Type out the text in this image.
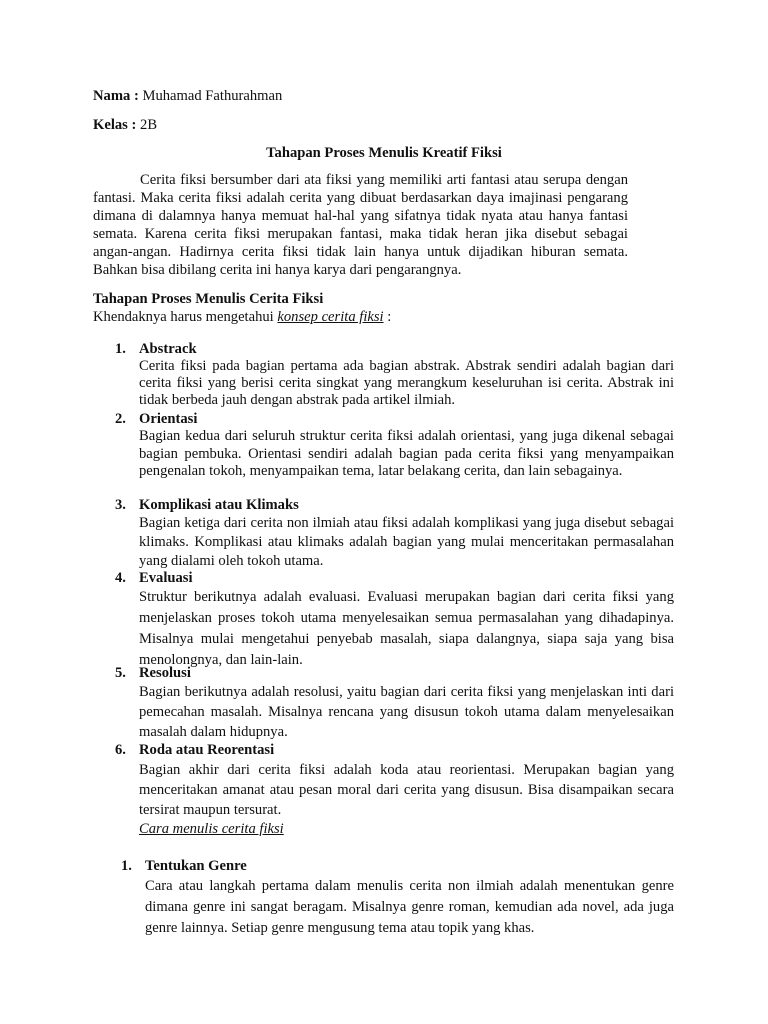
Nama : Muhamad Fathurahman
Kelas : 2B
Tahapan Proses Menulis Kreatif Fiksi
Cerita fiksi bersumber dari ata fiksi yang memiliki arti fantasi atau serupa dengan fantasi. Maka cerita fiksi adalah cerita yang dibuat berdasarkan daya imajinasi pengarang dimana di dalamnya hanya memuat hal-hal yang sifatnya tidak nyata atau hanya fantasi semata. Karena cerita fiksi merupakan fantasi, maka tidak heran jika disebut sebagai angan-angan. Hadirnya cerita fiksi tidak lain hanya untuk dijadikan hiburan semata. Bahkan bisa dibilang cerita ini hanya karya dari pengarangnya.
Tahapan Proses Menulis Cerita Fiksi
Khendaknya harus mengetahui konsep cerita fiksi :
1. Abstrack
Cerita fiksi pada bagian pertama ada bagian abstrak. Abstrak sendiri adalah bagian dari cerita fiksi yang berisi cerita singkat yang merangkum keseluruhan isi cerita. Abstrak ini tidak berbeda jauh dengan abstrak pada artikel ilmiah.
2. Orientasi
Bagian kedua dari seluruh struktur cerita fiksi adalah orientasi, yang juga dikenal sebagai bagian pembuka. Orientasi sendiri adalah bagian pada cerita fiksi yang menyampaikan pengenalan tokoh, menyampaikan tema, latar belakang cerita, dan lain sebagainya.
3. Komplikasi atau Klimaks
Bagian ketiga dari cerita non ilmiah atau fiksi adalah komplikasi yang juga disebut sebagai klimaks. Komplikasi atau klimaks adalah bagian yang mulai menceritakan permasalahan yang dialami oleh tokoh utama.
4. Evaluasi
Struktur berikutnya adalah evaluasi. Evaluasi merupakan bagian dari cerita fiksi yang menjelaskan proses tokoh utama menyelesaikan semua permasalahan yang dihadapinya. Misalnya mulai mengetahui penyebab masalah, siapa dalangnya, siapa saja yang bisa menolongnya, dan lain-lain.
5. Resolusi
Bagian berikutnya adalah resolusi, yaitu bagian dari cerita fiksi yang menjelaskan inti dari pemecahan masalah. Misalnya rencana yang disusun tokoh utama dalam menyelesaikan masalah dalam hidupnya.
6. Roda atau Reorentasi
Bagian akhir dari cerita fiksi adalah koda atau reorientasi. Merupakan bagian yang menceritakan amanat atau pesan moral dari cerita yang disusun. Bisa disampaikan secara tersirat maupun tersurat.
Cara menulis cerita fiksi
1. Tentukan Genre
Cara atau langkah pertama dalam menulis cerita non ilmiah adalah menentukan genre dimana genre ini sangat beragam. Misalnya genre roman, kemudian ada novel, ada juga genre lainnya. Setiap genre mengusung tema atau topik yang khas.
